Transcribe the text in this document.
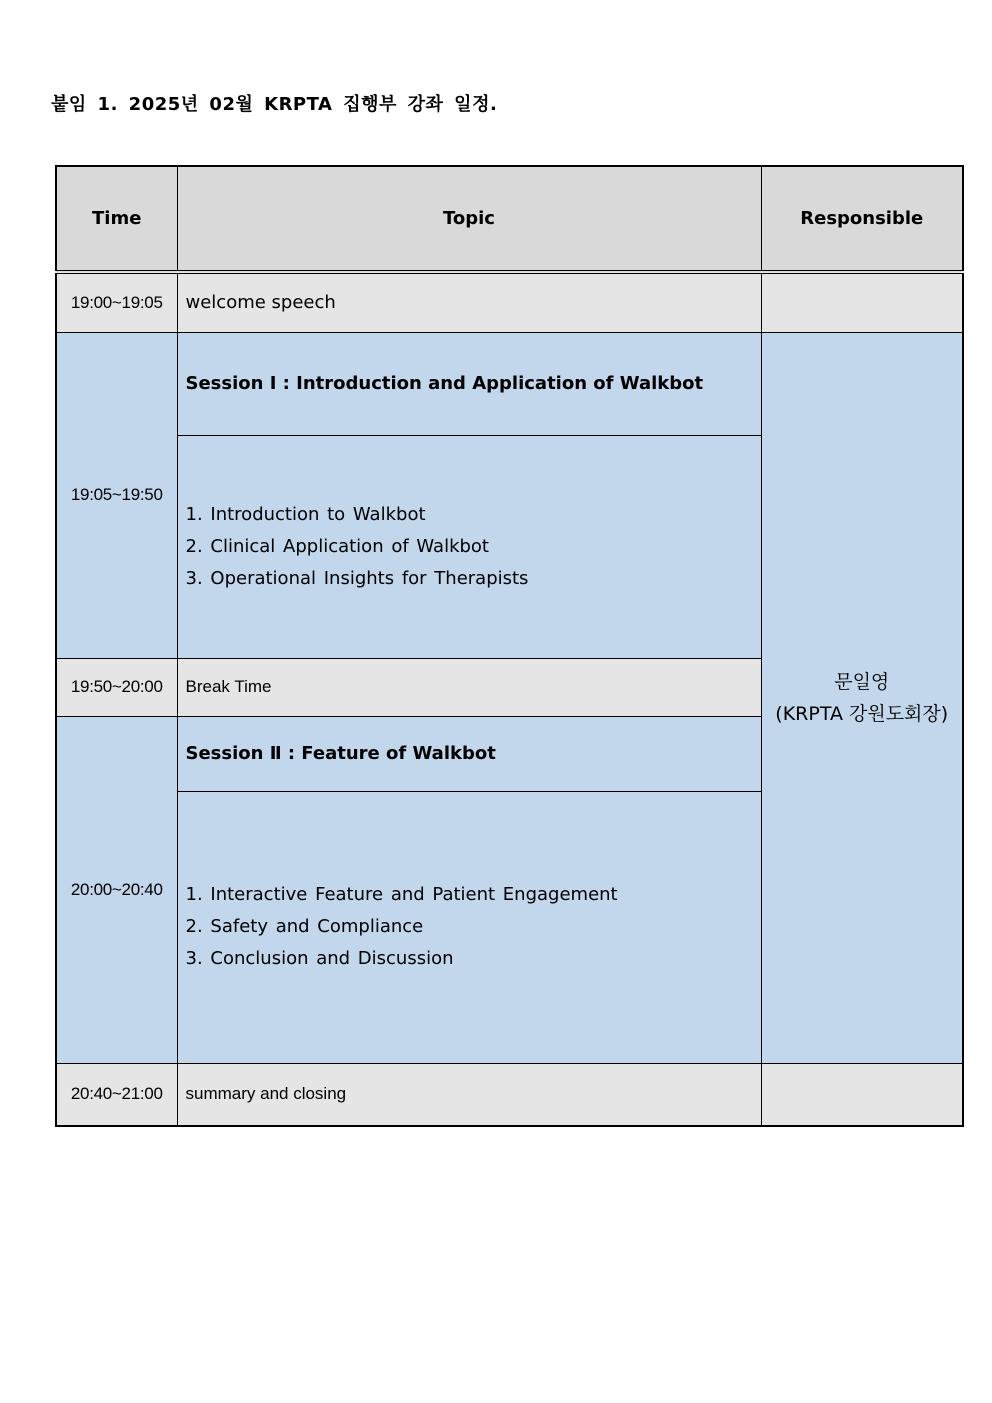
붙임 1. 2025년 02월 KRPTA 집행부 강좌 일정.
Time	Topic	Responsible
19:00~19:05	welcome speech	
19:05~19:50	Session Ⅰ : Introduction and Application of Walkbot	문일영
(KRPTA 강원도회장)

	1. Introduction to Walkbot
2. Clinical Application of Walkbot
3. Operational Insights for Therapists	

19:50~20:00	Break Time	
20:00~20:40	Session Ⅱ : Feature of Walkbot	

	1. Interactive Feature and Patient Engagement
2. Safety and Compliance
3. Conclusion and Discussion	

20:40~21:00	summary and closing	
